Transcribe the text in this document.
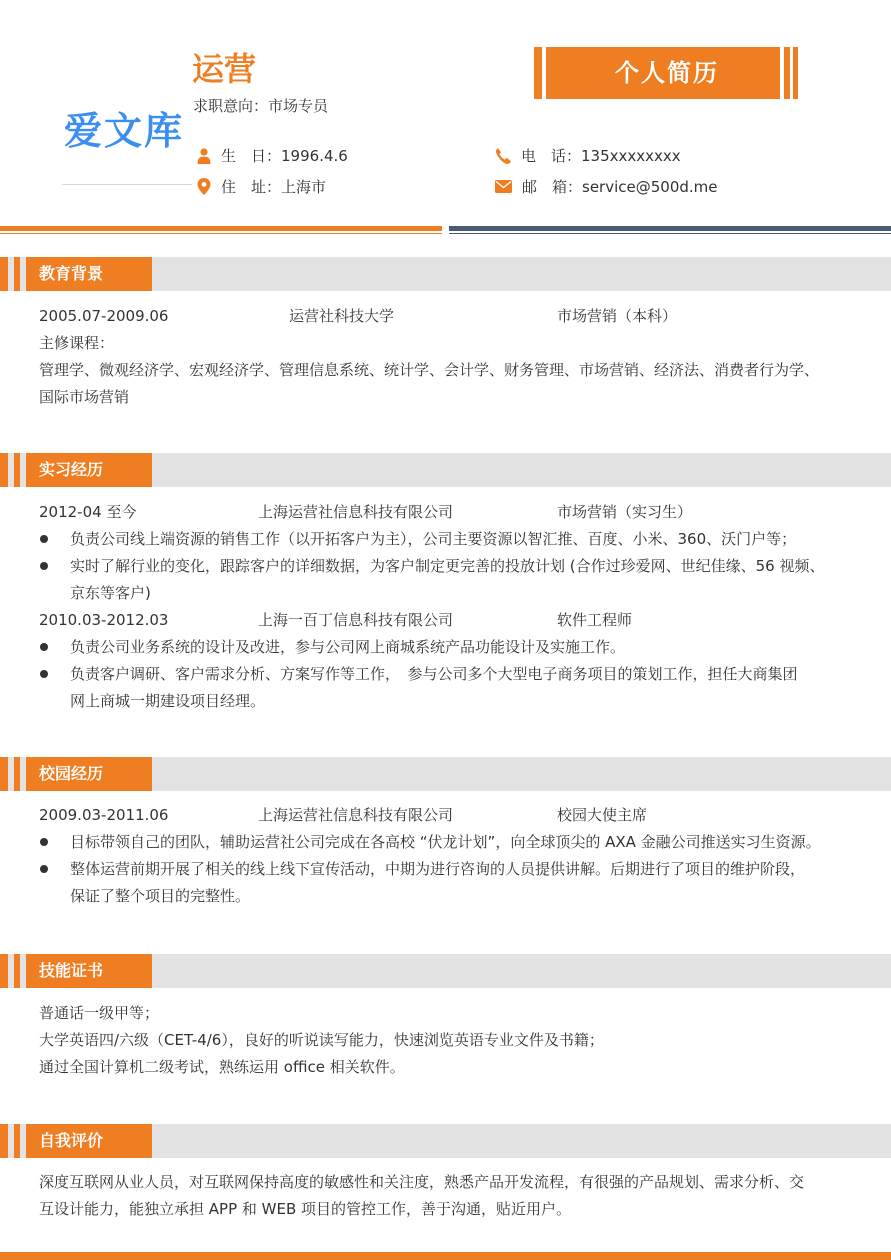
爱文库
运营
求职意向：市场专员
个人简历
生　日： 1996.4.6
住　址： 上海市
电　话： 135xxxxxxxx
邮　箱： service@500d.me
教育背景
2005.07-2009.06	运营社科技大学	市场营销（本科）
主修课程：
管理学、微观经济学、宏观经济学、管理信息系统、统计学、会计学、财务管理、市场营销、经济法、消费者行为学、
国际市场营销
实习经历
2012-04 至今	上海运营社信息科技有限公司	市场营销（实习生）
负责公司线上端资源的销售工作（以开拓客户为主），公司主要资源以智汇推、百度、小米、360、沃门户等；
实时了解行业的变化，跟踪客户的详细数据，为客户制定更完善的投放计划 (合作过珍爱网、世纪佳缘、56 视频、
京东等客户)
2010.03-2012.03	上海一百丁信息科技有限公司	软件工程师
负责公司业务系统的设计及改进，参与公司网上商城系统产品功能设计及实施工作。
负责客户调研、客户需求分析、方案写作等工作，　参与公司多个大型电子商务项目的策划工作，担任大商集团
网上商城一期建设项目经理。
校园经历
2009.03-2011.06	上海运营社信息科技有限公司	校园大使主席
目标带领自己的团队，辅助运营社公司完成在各高校 “伏龙计划”，向全球顶尖的 AXA 金融公司推送实习生资源。
整体运营前期开展了相关的线上线下宣传活动，中期为进行咨询的人员提供讲解。后期进行了项目的维护阶段，
保证了整个项目的完整性。
技能证书
普通话一级甲等；
大学英语四/六级（CET-4/6），良好的听说读写能力，快速浏览英语专业文件及书籍；
通过全国计算机二级考试，熟练运用 office 相关软件。
自我评价
深度互联网从业人员，对互联网保持高度的敏感性和关注度，熟悉产品开发流程，有很强的产品规划、需求分析、交
互设计能力，能独立承担 APP 和 WEB 项目的管控工作，善于沟通，贴近用户。
